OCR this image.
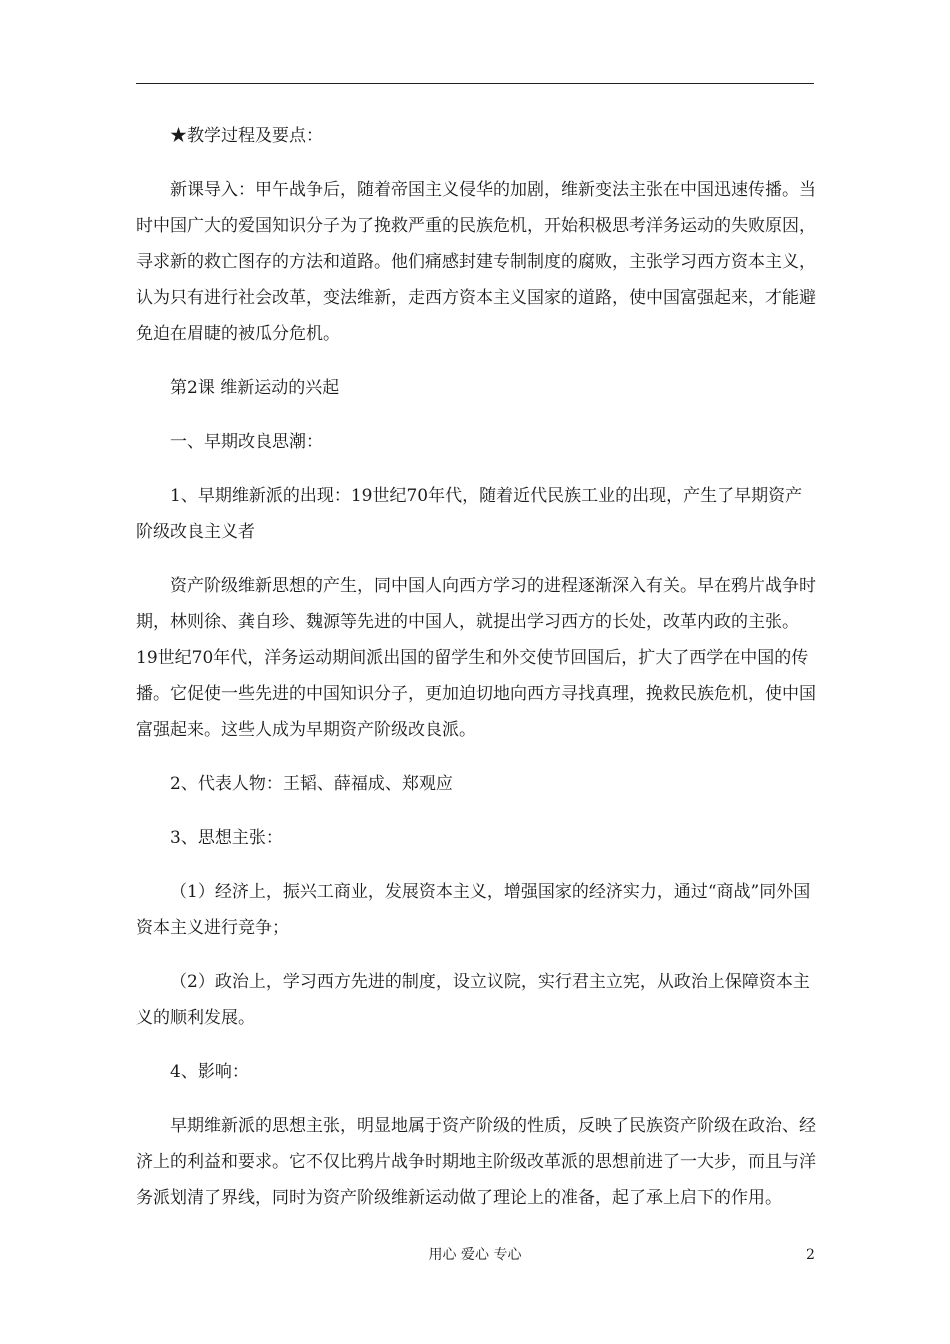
★教学过程及要点：

新课导入：甲午战争后，随着帝国主义侵华的加剧，维新变法主张在中国迅速传播。当时中国广大的爱国知识分子为了挽救严重的民族危机，开始积极思考洋务运动的失败原因，寻求新的救亡图存的方法和道路。他们痛感封建专制制度的腐败，主张学习西方资本主义，认为只有进行社会改革，变法维新，走西方资本主义国家的道路，使中国富强起来，才能避免迫在眉睫的被瓜分危机。

第2课 维新运动的兴起

一、早期改良思潮：

1、早期维新派的出现：19世纪70年代，随着近代民族工业的出现，产生了早期资产阶级改良主义者

资产阶级维新思想的产生，同中国人向西方学习的进程逐渐深入有关。早在鸦片战争时期，林则徐、龚自珍、魏源等先进的中国人，就提出学习西方的长处，改革内政的主张。19世纪70年代，洋务运动期间派出国的留学生和外交使节回国后，扩大了西学在中国的传播。它促使一些先进的中国知识分子，更加迫切地向西方寻找真理，挽救民族危机，使中国富强起来。这些人成为早期资产阶级改良派。

2、代表人物：王韬、薛福成、郑观应

3、思想主张：

（1）经济上，振兴工商业，发展资本主义，增强国家的经济实力，通过“商战”同外国资本主义进行竞争；

（2）政治上，学习西方先进的制度，设立议院，实行君主立宪，从政治上保障资本主义的顺利发展。

4、影响：

早期维新派的思想主张，明显地属于资产阶级的性质，反映了民族资产阶级在政治、经济上的利益和要求。它不仅比鸦片战争时期地主阶级改革派的思想前进了一大步，而且与洋务派划清了界线，同时为资产阶级维新运动做了理论上的准备，起了承上启下的作用。

用心 爱心 专心	2
